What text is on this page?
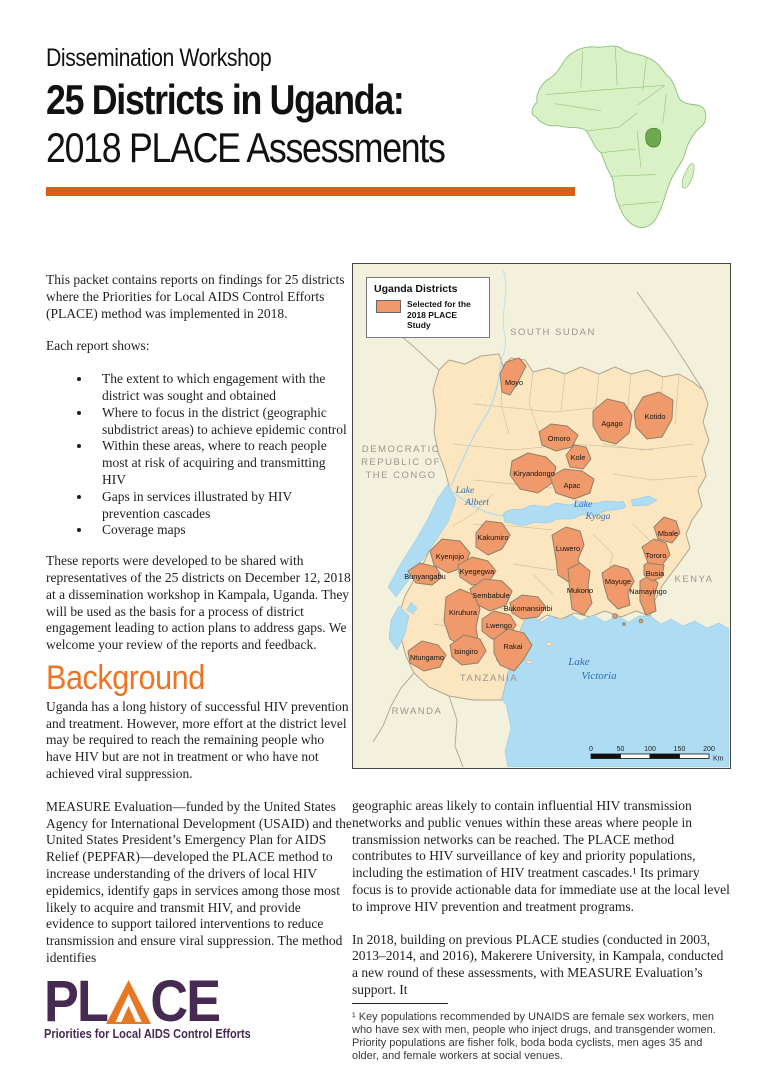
Dissemination Workshop
25 Districts in Uganda:
2018 PLACE Assessments

This packet contains reports on findings for 25 districts where the Priorities for Local AIDS Control Efforts (PLACE) method was implemented in 2018.

Each report shows:

• The extent to which engagement with the district was sought and obtained
• Where to focus in the district (geographic subdistrict areas) to achieve epidemic control
• Within these areas, where to reach people most at risk of acquiring and transmitting HIV
• Gaps in services illustrated by HIV prevention cascades
• Coverage maps

These reports were developed to be shared with representatives of the 25 districts on December 12, 2018 at a dissemination workshop in Kampala, Uganda. They will be used as the basis for a process of district engagement leading to action plans to address gaps. We welcome your review of the reports and feedback.

Background

Uganda has a long history of successful HIV prevention and treatment. However, more effort at the district level may be required to reach the remaining people who have HIV but are not in treatment or who have not achieved viral suppression.

MEASURE Evaluation—funded by the United States Agency for International Development (USAID) and the United States President’s Emergency Plan for AIDS Relief (PEPFAR)—developed the PLACE method to increase understanding of the drivers of local HIV epidemics, identify gaps in services among those most likely to acquire and transmit HIV, and provide evidence to support tailored interventions to reduce transmission and ensure viral suppression. The method identifies

SOUTH SUDAN
DEMOCRATIC
REPUBLIC OF
THE CONGO
KENYA
TANZANIA
RWANDA
Lake
Albert	Lake
Kyoga
Lake
Victoria
Moyo
Kotido
Agago
Omoro
Kole
Kiryandongo
Apac
Kakumiro
Kyenjojo
Bunyangabu
Kyegegwa
Sembabule
Kiruhura
Lwengo
Bukomansimbi
Ntungamo
Isingiro
Rakai
Luwero
Mukono
Mayuge
Namayingo
Busia
Tororo
Mbale
0	50	100	150	200
Km
Uganda Districts
Selected for the 2018 PLACE Study

geographic areas likely to contain influential HIV transmission networks and public venues within these areas where people in transmission networks can be reached. The PLACE method contributes to HIV surveillance of key and priority populations, including the estimation of HIV treatment cascades.¹ Its primary focus is to provide actionable data for immediate use at the local level to improve HIV prevention and treatment programs.

In 2018, building on previous PLACE studies (conducted in 2003, 2013–2014, and 2016), Makerere University, in Kampala, conducted a new round of these assessments, with MEASURE Evaluation’s support. It

¹ Key populations recommended by UNAIDS are female sex workers, men who have sex with men, people who inject drugs, and transgender women. Priority populations are fisher folk, boda boda cyclists, men ages 35 and older, and female workers at social venues.
PL CE
Priorities for Local AIDS Control Efforts
